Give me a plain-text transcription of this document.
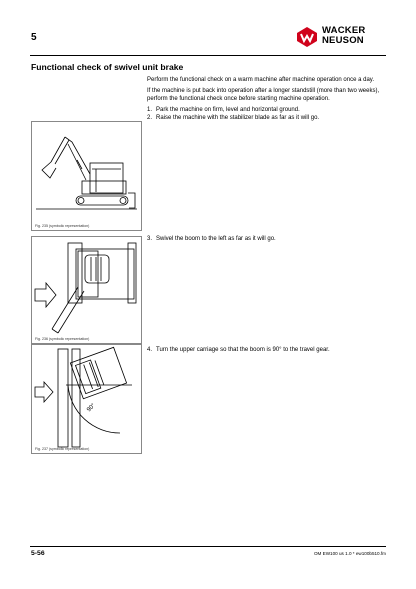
5
WACKER
NEUSON
Functional check of swivel unit brake

Perform the functional check on a warm machine after machine operation once a day.

If the machine is put back into operation after a longer standstill (more than two weeks), perform the functional check once before starting machine operation.

1. Park the machine on firm, level and horizontal ground.
2. Raise the machine with the stabilizer blade as far as it will go.
Fig. 235 (symbolic representation)
Fig. 236 (symbolic representation)
90°
Fig. 237 (symbolic representation)
3. Swivel the boom to the left as far as it will go.
4. Turn the upper carriage so that the boom is 90° to the travel gear.
5-56	OM EW100 us 1.0 * ew100b510.fm
